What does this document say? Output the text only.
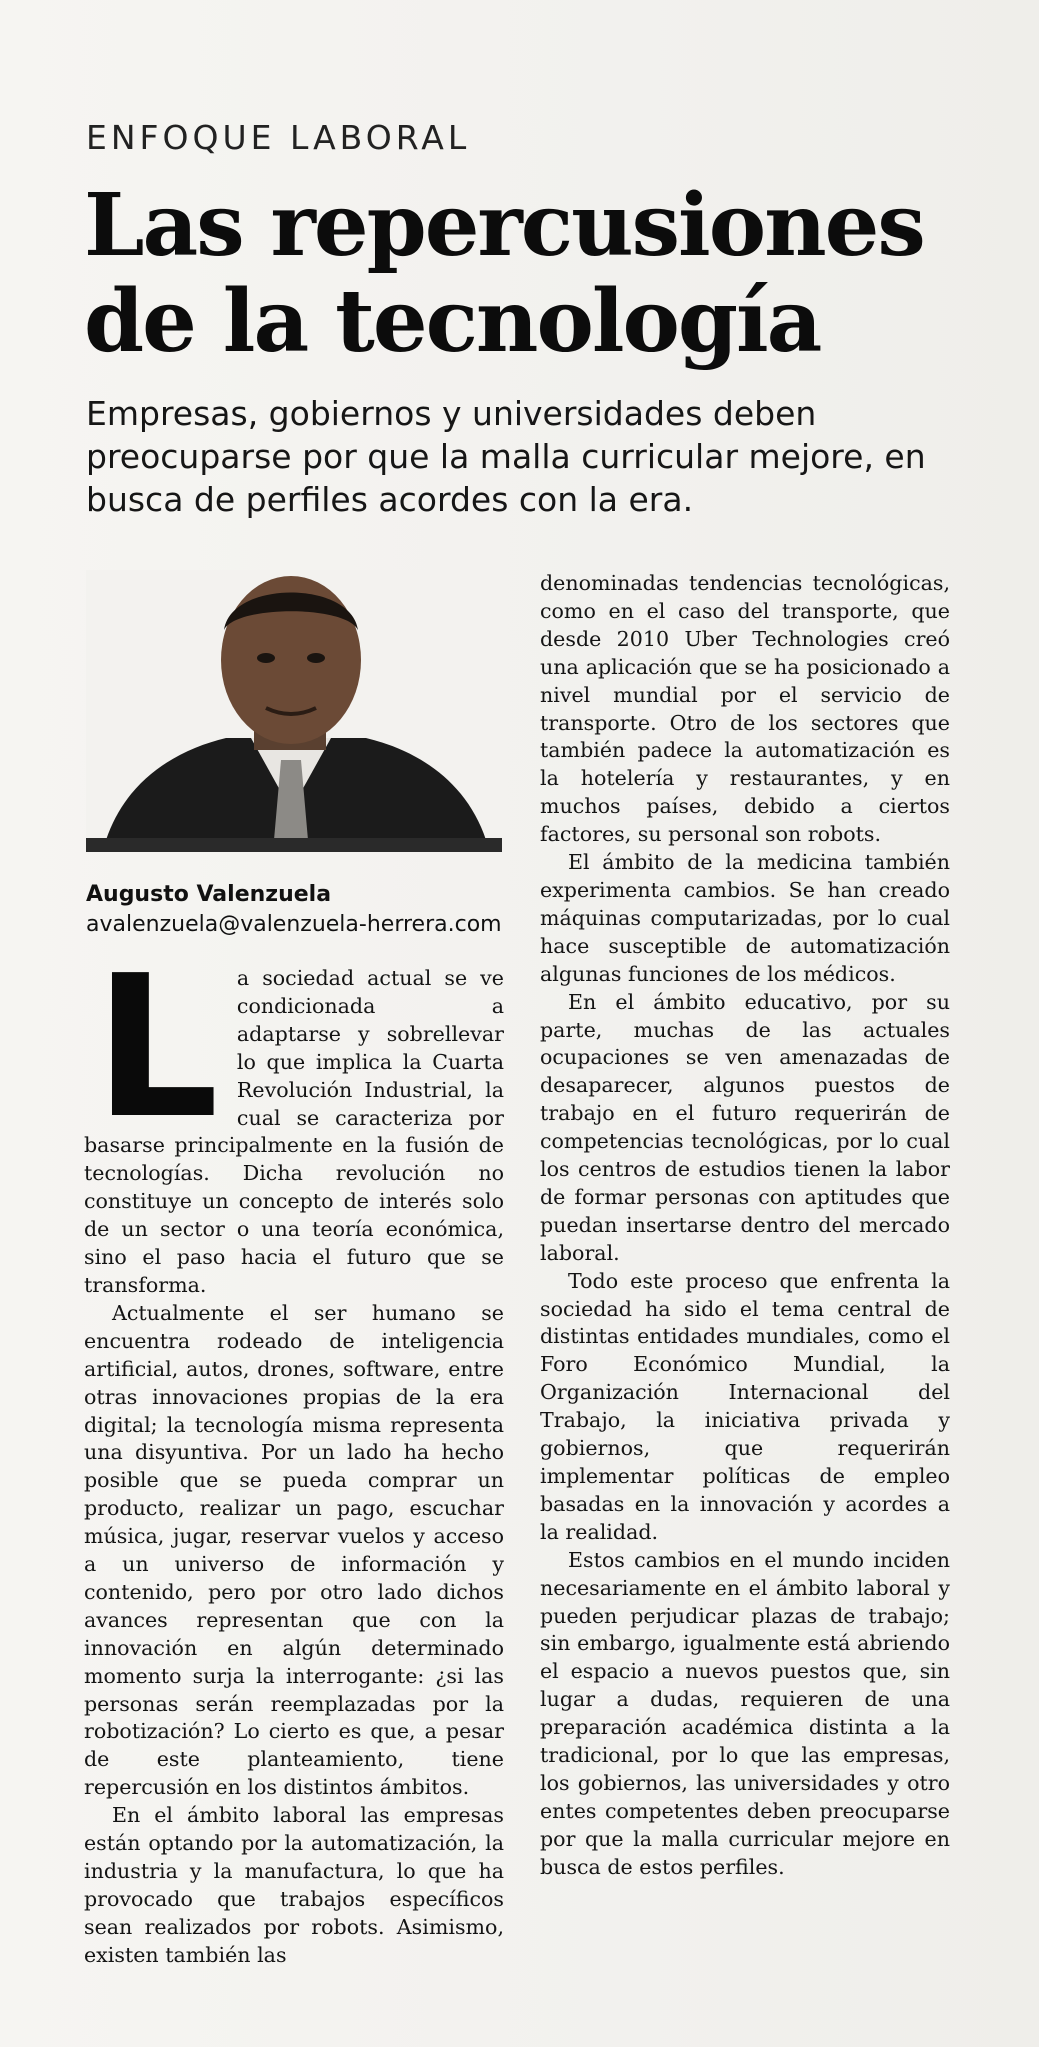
ENFOQUE LABORAL
Las repercusiones
de la tecnología
Empresas, gobiernos y universidades deben preocuparse por que la malla curricular mejore, en busca de perfiles acordes con la era.
Augusto Valenzuela
avalenzuela@valenzuela-herrera.com

La sociedad actual se ve condicionada a adaptarse y sobrellevar lo que implica la Cuarta Revolución Industrial, la cual se caracteriza por basarse principalmente en la fusión de tecnologías. Dicha revolución no constituye un concepto de interés solo de un sector o una teoría económica, sino el paso hacia el futuro que se transforma.

Actualmente el ser humano se encuentra rodeado de inteligencia artificial, autos, drones, software, entre otras innovaciones propias de la era digital; la tecnología misma representa una disyuntiva. Por un lado ha hecho posible que se pueda comprar un producto, realizar un pago, escuchar música, jugar, reservar vuelos y acceso a un universo de información y contenido, pero por otro lado dichos avances representan que con la innovación en algún determinado momento surja la interrogante: ¿si las personas serán reemplazadas por la robotización? Lo cierto es que, a pesar de este planteamiento, tiene repercusión en los distintos ámbitos.

En el ámbito laboral las empresas están optando por la automatización, la industria y la manufactura, lo que ha provocado que trabajos específicos sean realizados por robots. Asimismo, existen también las

denominadas tendencias tecnológicas, como en el caso del transporte, que desde 2010 Uber Technologies creó una aplicación que se ha posicionado a nivel mundial por el servicio de transporte. Otro de los sectores que también padece la automatización es la hotelería y restaurantes, y en muchos países, debido a ciertos factores, su personal son robots.

El ámbito de la medicina también experimenta cambios. Se han creado máquinas computarizadas, por lo cual hace susceptible de automatización algunas funciones de los médicos.

En el ámbito educativo, por su parte, muchas de las actuales ocupaciones se ven amenazadas de desaparecer, algunos puestos de trabajo en el futuro requerirán de competencias tecnológicas, por lo cual los centros de estudios tienen la labor de formar personas con aptitudes que puedan insertarse dentro del mercado laboral.

Todo este proceso que enfrenta la sociedad ha sido el tema central de distintas entidades mundiales, como el Foro Económico Mundial, la Organización Internacional del Trabajo, la iniciativa privada y gobiernos, que requerirán implementar políticas de empleo basadas en la innovación y acordes a la realidad.

Estos cambios en el mundo inciden necesariamente en el ámbito laboral y pueden perjudicar plazas de trabajo; sin embargo, igualmente está abriendo el espacio a nuevos puestos que, sin lugar a dudas, requieren de una preparación académica distinta a la tradicional, por lo que las empresas, los gobiernos, las universidades y otro entes competentes deben preocuparse por que la malla curricular mejore en busca de estos perfiles.
